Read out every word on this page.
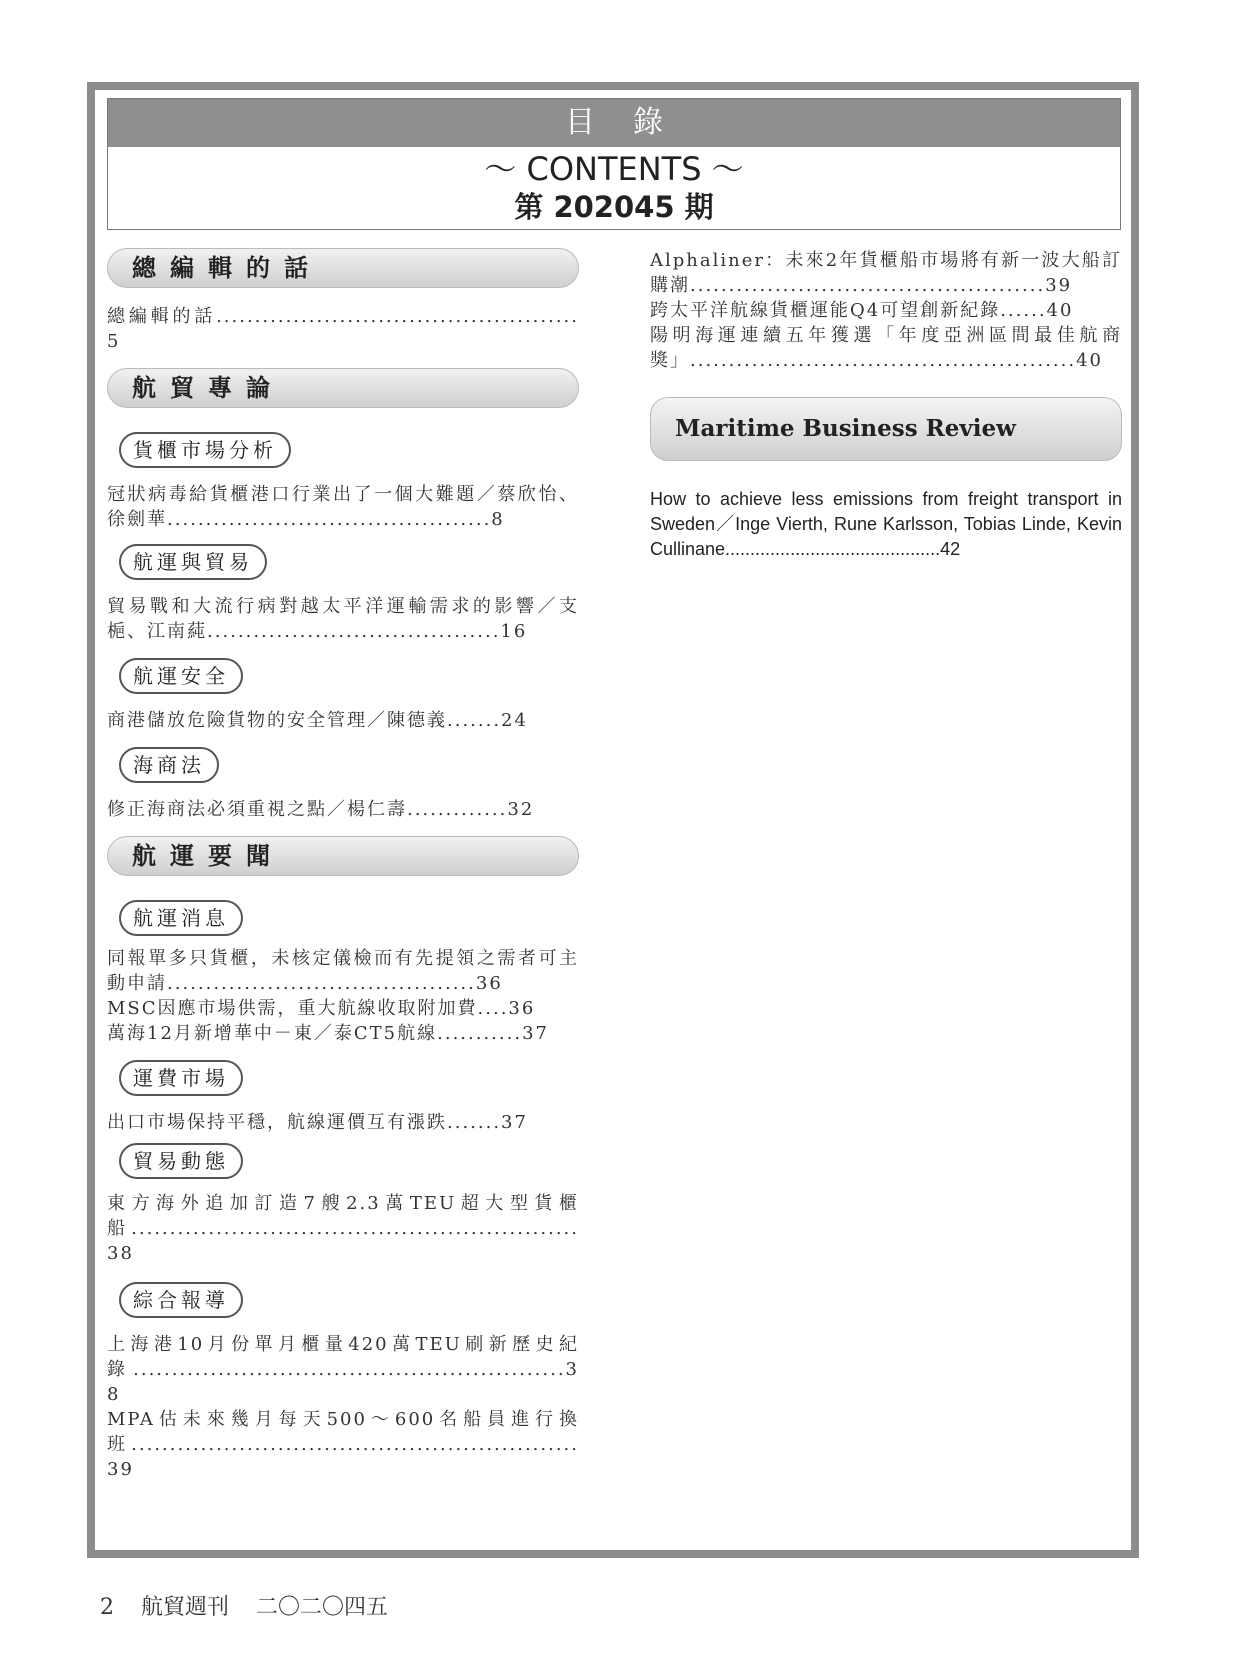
目錄
～ CONTENTS ～
第 202045 期
總編輯的話
總編輯的話...............................................5
航貿專論
貨櫃市場分析
冠狀病毒給貨櫃港口行業出了一個大難題／蔡欣怡、徐劍華..........................................8
航運與貿易
貿易戰和大流行病對越太平洋運輸需求的影響／支梔、江南蒓......................................16
航運安全
商港儲放危險貨物的安全管理／陳德義.......24
海商法
修正海商法必須重視之點／楊仁壽.............32
航運要聞
航運消息
同報單多只貨櫃，未核定儀檢而有先提領之需者可主動申請........................................36
MSC因應市場供需，重大航線收取附加費....36
萬海12月新增華中－東／泰CT5航線...........37
運費市場
出口市場保持平穩，航線運價互有漲跌.......37
貿易動態
東方海外追加訂造7艘2.3萬TEU超大型貨櫃船..........................................................38
綜合報導
上海港10月份單月櫃量420萬TEU刷新歷史紀錄........................................................38
MPA估未來幾月每天500～600名船員進行換班..........................................................39
Alphaliner：未來2年貨櫃船市場將有新一波大船訂購潮..............................................39
跨太平洋航線貨櫃運能Q4可望創新紀錄......40
陽明海運連續五年獲選「年度亞洲區間最佳航商獎」..................................................40
Maritime Business Review
How to achieve less emissions from freight transport in Sweden／Inge Vierth, Rune Karlsson, Tobias Linde, Kevin Cullinane...........................................42
2 航貿週刊 二〇二〇四五
